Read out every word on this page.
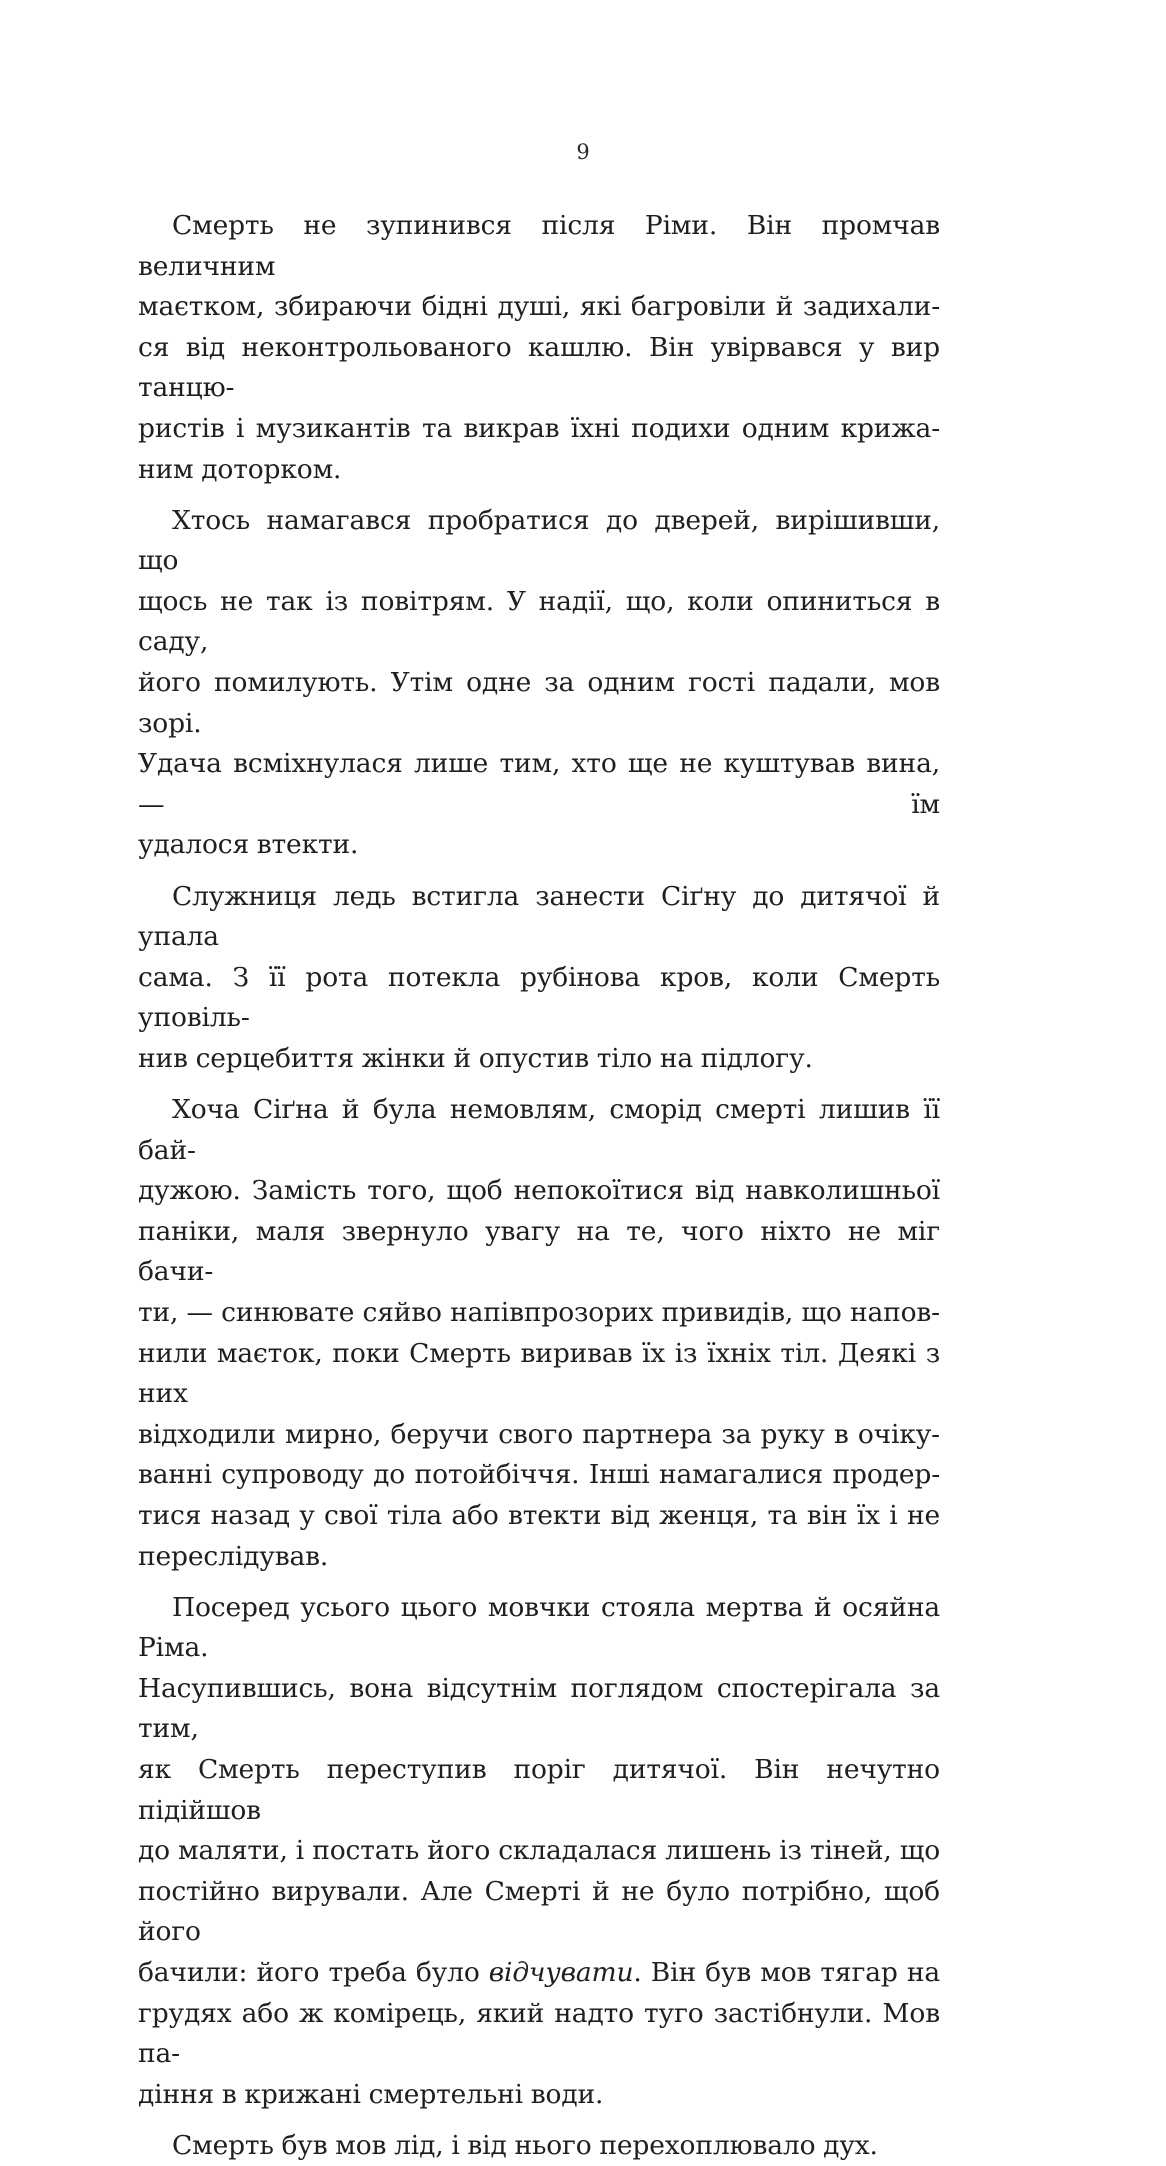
9

Смерть не зупинився після Ріми. Він промчав величним
маєтком, збираючи бідні душі, які багровіли й задихали-
ся від неконтрольованого кашлю. Він увірвався у вир танцю-
ристів і музикантів та викрав їхні подихи одним крижа-
ним доторком.

Хтось намагався пробратися до дверей, вирішивши, що
щось не так із повітрям. У надії, що, коли опиниться в саду,
його помилують. Утім одне за одним гості падали, мов зорі.
Удача всміхнулася лише тим, хто ще не куштував вина, — їм
удалося втекти.

Служниця ледь встигла занести Сіґну до дитячої й упала
сама. З її рота потекла рубінова кров, коли Смерть уповіль-
нив серцебиття жінки й опустив тіло на підлогу.

Хоча Сіґна й була немовлям, сморід смерті лишив її бай-
дужою. Замість того, щоб непокоїтися від навколишньої
паніки, маля звернуло увагу на те, чого ніхто не міг бачи-
ти, — синювате сяйво напівпрозорих привидів, що напов-
нили маєток, поки Смерть виривав їх із їхніх тіл. Деякі з них
відходили мирно, беручи свого партнера за руку в очіку-
ванні супроводу до потойбіччя. Інші намагалися продер-
тися назад у свої тіла або втекти від женця, та він їх і не
переслідував.

Посеред усього цього мовчки стояла мертва й осяйна Ріма.
Насупившись, вона відсутнім поглядом спостерігала за тим,
як Смерть переступив поріг дитячої. Він нечутно підійшов
до маляти, і постать його складалася лишень із тіней, що
постійно вирували. Але Смерті й не було потрібно, щоб його
бачили: його треба було відчувати. Він був мов тягар на
грудях або ж комірець, який надто туго застібнули. Мов па-
діння в крижані смертельні води.

Смерть був мов лід, і від нього перехоплювало дух.
